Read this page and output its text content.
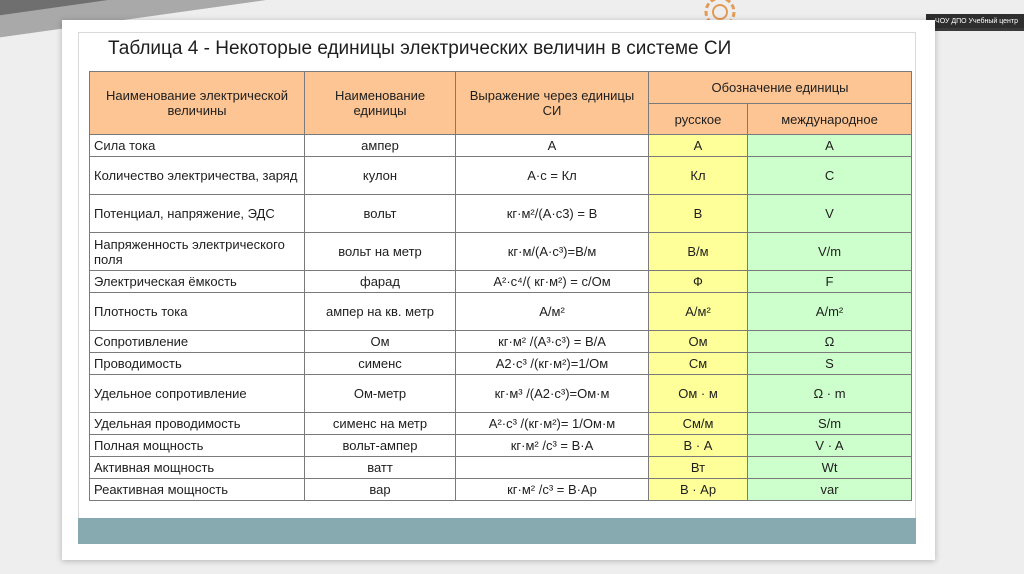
ЧОУ ДПО Учебный центр
Таблица 4 - Некоторые единицы электрических величин в системе СИ
Наименование электрической величины	Наименование единицы	Выражение через единицы СИ	Обозначение единицы	
			русское	международное
Сила тока	ампер	А	А	A
Количество электричества, заряд	кулон	А·с = Кл	Кл	C
Потенциал, напряжение, ЭДС	вольт	кг·м²/(А·с3) = В	В	V
Напряженность электрического поля	вольт на метр	кг·м/(А·с³)=В/м	В/м	V/m
Электрическая ёмкость	фарад	А²·с⁴/( кг·м²) = с/Ом	Ф	F
Плотность тока	ампер на кв. метр	А/м²	А/м²	A/m²
Сопротивление	Ом	кг·м² /(А³·с³) = В/А	Ом	Ω
Проводимость	сименс	А2·с³ /(кг·м²)=1/Ом	См	S
Удельное сопротивление	Ом-метр	кг·м³ /(А2·с³)=Ом·м	Ом · м	Ω · m
Удельная проводимость	сименс на метр	А²·с³ /(кг·м²)= 1/Ом·м	См/м	S/m
Полная мощность	вольт-ампер	кг·м² /с³ = В·А	В · А	V · A
Активная мощность	ватт		Вт	Wt
Реактивная мощность	вар	кг·м² /с³ = В·Ар	В · Ар	var
